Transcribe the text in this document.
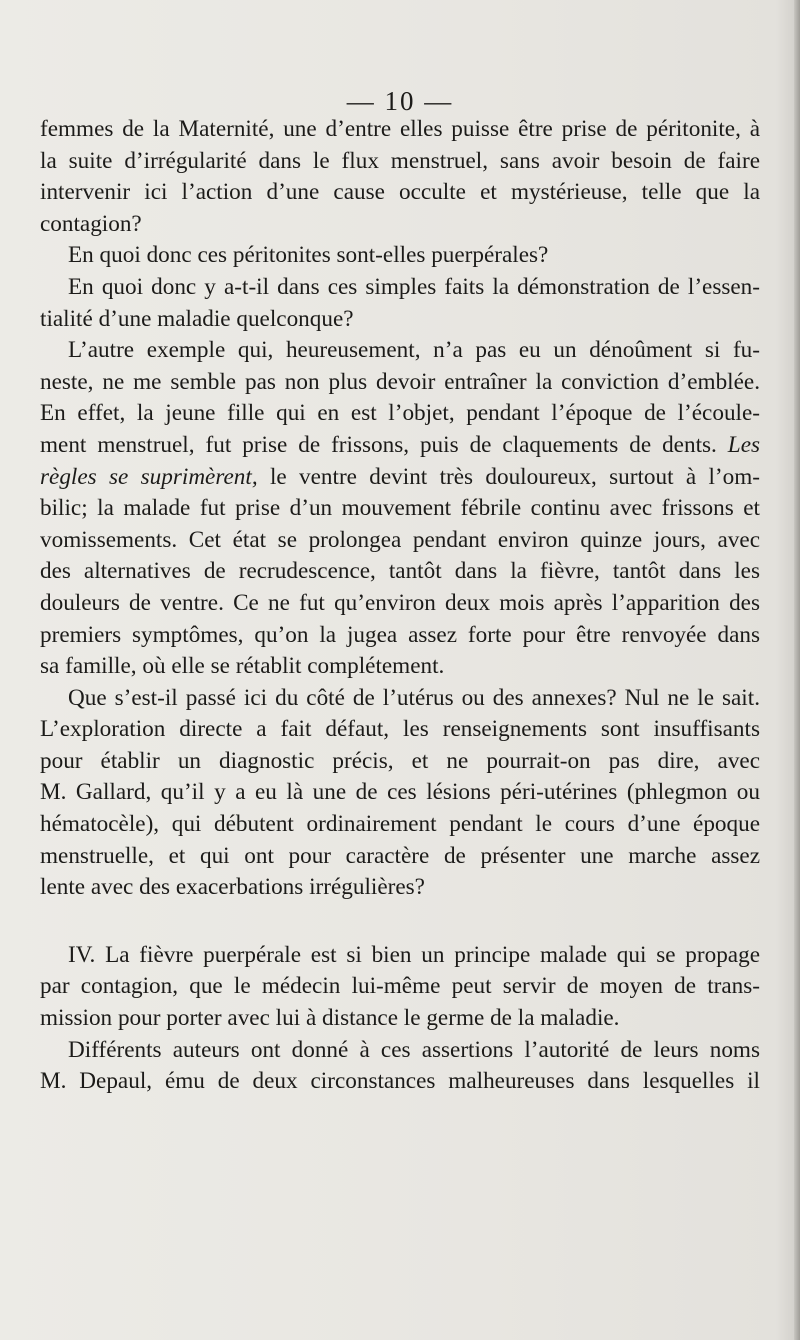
— 10 —
femmes de la Maternité, une d’entre elles puisse être prise de péritonite, à
la suite d’irrégularité dans le flux menstruel, sans avoir besoin de faire
intervenir ici l’action d’une cause occulte et mystérieuse, telle que la
contagion?
En quoi donc ces péritonites sont-elles puerpérales?
En quoi donc y a-t-il dans ces simples faits la démonstration de l’essen-
tialité d’une maladie quelconque?
L’autre exemple qui, heureusement, n’a pas eu un dénoûment si fu-
neste, ne me semble pas non plus devoir entraîner la conviction d’emblée.
En effet, la jeune fille qui en est l’objet, pendant l’époque de l’écoule-
ment menstruel, fut prise de frissons, puis de claquements de dents. Les
règles se suprimèrent, le ventre devint très douloureux, surtout à l’om-
bilic; la malade fut prise d’un mouvement fébrile continu avec frissons et
vomissements. Cet état se prolongea pendant environ quinze jours, avec
des alternatives de recrudescence, tantôt dans la fièvre, tantôt dans les
douleurs de ventre. Ce ne fut qu’environ deux mois après l’apparition des
premiers symptômes, qu’on la jugea assez forte pour être renvoyée dans
sa famille, où elle se rétablit complétement.
Que s’est-il passé ici du côté de l’utérus ou des annexes? Nul ne le sait.
L’exploration directe a fait défaut, les renseignements sont insuffisants
pour établir un diagnostic précis, et ne pourrait-on pas dire, avec
M. Gallard, qu’il y a eu là une de ces lésions péri-utérines (phlegmon ou
hématocèle), qui débutent ordinairement pendant le cours d’une époque
menstruelle, et qui ont pour caractère de présenter une marche assez
lente avec des exacerbations irrégulières?
IV. La fièvre puerpérale est si bien un principe malade qui se propage
par contagion, que le médecin lui-même peut servir de moyen de trans-
mission pour porter avec lui à distance le germe de la maladie.
Différents auteurs ont donné à ces assertions l’autorité de leurs noms
M. Depaul, ému de deux circonstances malheureuses dans lesquelles il
